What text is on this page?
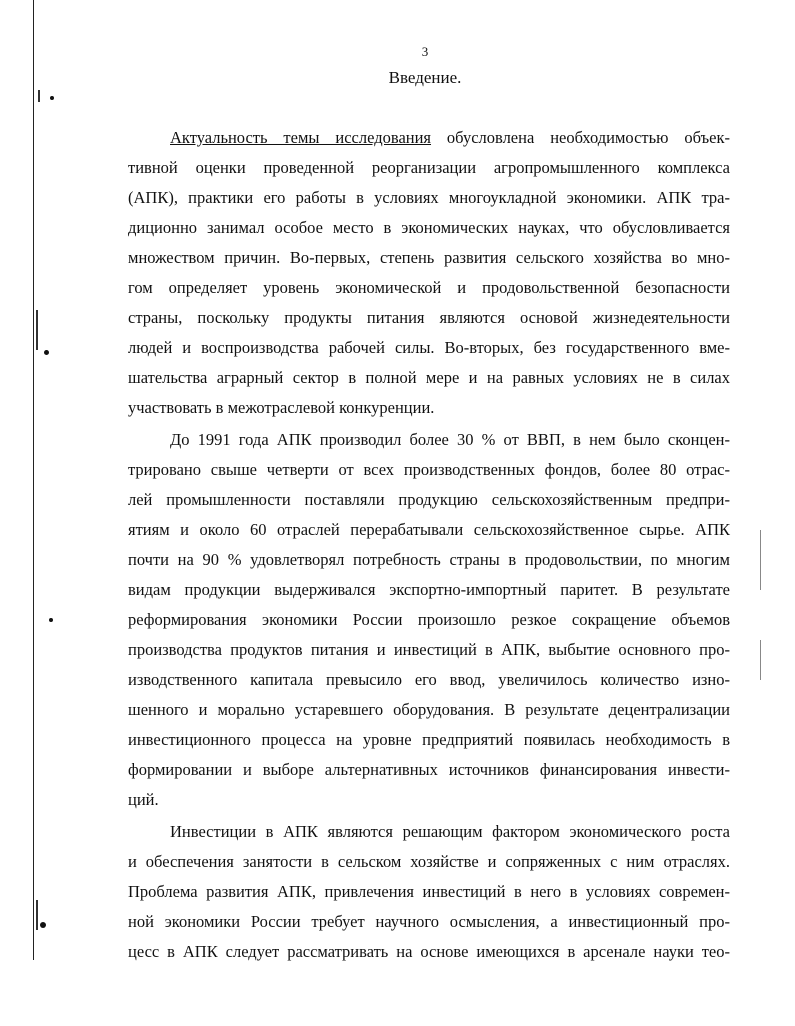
3
Введение.
Актуальность темы исследования обусловлена необходимостью объек-
тивной оценки проведенной реорганизации агропромышленного комплекса
(АПК), практики его работы в условиях многоукладной экономики. АПК тра-
диционно занимал особое место в экономических науках, что обусловливается
множеством причин. Во-первых, степень развития сельского хозяйства во мно-
гом определяет уровень экономической и продовольственной безопасности
страны, поскольку продукты питания являются основой жизнедеятельности
людей и воспроизводства рабочей силы. Во-вторых, без государственного вме-
шательства аграрный сектор в полной мере и на равных условиях не в силах
участвовать в межотраслевой конкуренции.
До 1991 года АПК производил более 30 % от ВВП, в нем было сконцен-
трировано свыше четверти от всех производственных фондов, более 80 отрас-
лей промышленности поставляли продукцию сельскохозяйственным предпри-
ятиям и около 60 отраслей перерабатывали сельскохозяйственное сырье. АПК
почти на 90 % удовлетворял потребность страны в продовольствии, по многим
видам продукции выдерживался экспортно-импортный паритет. В результате
реформирования экономики России произошло резкое сокращение объемов
производства продуктов питания и инвестиций в АПК, выбытие основного про-
изводственного капитала превысило его ввод, увеличилось количество изно-
шенного и морально устаревшего оборудования. В результате децентрализации
инвестиционного процесса на уровне предприятий появилась необходимость в
формировании и выборе альтернативных источников финансирования инвести-
ций.
Инвестиции в АПК являются решающим фактором экономического роста
и обеспечения занятости в сельском хозяйстве и сопряженных с ним отраслях.
Проблема развития АПК, привлечения инвестиций в него в условиях современ-
ной экономики России требует научного осмысления, а инвестиционный про-
цесс в АПК следует рассматривать на основе имеющихся в арсенале науки тео-
